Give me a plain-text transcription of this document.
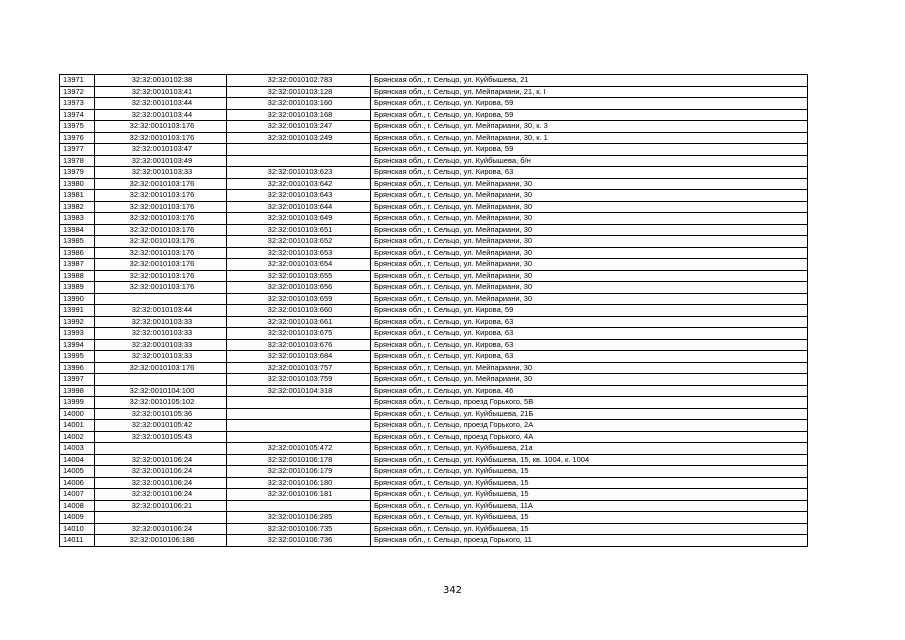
13971	32:32:0010102:38	32:32:0010102:783	Брянская обл., г. Сельцо, ул. Куйбышева, 21
13972	32:32:0010103:41	32:32:0010103:128	Брянская обл., г. Сельцо, ул. Мейпариани, 21, к. I
13973	32:32:0010103:44	32:32:0010103:160	Брянская обл., г. Сельцо, ул. Кирова, 59
13974	32:32:0010103:44	32:32:0010103:168	Брянская обл., г. Сельцо, ул. Кирова, 59
13975	32:32:0010103:176	32:32:0010103:247	Брянская обл., г. Сельцо, ул. Мейпариани, 30, к. 3
13976	32:32:0010103:176	32:32:0010103:249	Брянская обл., г. Сельцо, ул. Мейпариани, 30, к. 1
13977	32:32:0010103:47		Брянская обл., г. Сельцо, ул. Кирова, 59
13978	32:32:0010103:49		Брянская обл., г. Сельцо, ул. Куйбышева, б/н
13979	32:32:0010103:33	32:32:0010103:623	Брянская обл., г. Сельцо, ул. Кирова, 63
13980	32:32:0010103:176	32:32:0010103:642	Брянская обл., г. Сельцо, ул. Мейпариани, 30
13981	32:32:0010103:176	32:32:0010103:643	Брянская обл., г. Сельцо, ул. Мейпариани, 30
13982	32:32:0010103:176	32:32:0010103:644	Брянская обл., г. Сельцо, ул. Мейпариани, 30
13983	32:32:0010103:176	32:32:0010103:649	Брянская обл., г. Сельцо, ул. Мейпариани, 30
13984	32:32:0010103:176	32:32:0010103:651	Брянская обл., г. Сельцо, ул. Мейпариани, 30
13985	32:32:0010103:176	32:32:0010103:652	Брянская обл., г. Сельцо, ул. Мейпариани, 30
13986	32:32:0010103:176	32:32:0010103:653	Брянская обл., г. Сельцо, ул. Мейпариани, 30
13987	32:32:0010103:176	32:32:0010103:654	Брянская обл., г. Сельцо, ул. Мейпариани, 30
13988	32:32:0010103:176	32:32:0010103:655	Брянская обл., г. Сельцо, ул. Мейпариани, 30
13989	32:32:0010103:176	32:32:0010103:656	Брянская обл., г. Сельцо, ул. Мейпариани, 30
13990		32:32:0010103:659	Брянская обл., г. Сельцо, ул. Мейпариани, 30
13991	32:32:0010103:44	32:32:0010103:660	Брянская обл., г. Сельцо, ул. Кирова, 59
13992	32:32:0010103:33	32:32:0010103:661	Брянская обл., г. Сельцо, ул. Кирова, 63
13993	32:32:0010103:33	32:32:0010103:675	Брянская обл., г. Сельцо, ул. Кирова, 63
13994	32:32:0010103:33	32:32:0010103:676	Брянская обл., г. Сельцо, ул. Кирова, 63
13995	32:32:0010103:33	32:32:0010103:684	Брянская обл., г. Сельцо, ул. Кирова, 63
13996	32:32:0010103:176	32:32:0010103:757	Брянская обл., г. Сельцо, ул. Мейпариани, 30
13997		32:32:0010103:759	Брянская обл., г. Сельцо, ул. Мейпариани, 30
13998	32:32:0010104:100	32:32:0010104:318	Брянская обл., г. Сельцо, ул. Кирова, 46
13999	32:32:0010105:102		Брянская обл., г. Сельцо, проезд Горького, 5В
14000	32:32:0010105:36		Брянская обл., г. Сельцо, ул. Куйбышева, 21Б
14001	32:32:0010105:42		Брянская обл., г. Сельцо, проезд Горького, 2А
14002	32:32:0010105:43		Брянская обл., г. Сельцо, проезд Горького, 4А
14003		32:32:0010105:472	Брянская обл., г. Сельцо, ул. Куйбышева, 21а
14004	32:32:0010106:24	32:32:0010106:178	Брянская обл., г. Сельцо, ул. Куйбышева, 15, кв. 1004, к. 1004
14005	32:32:0010106:24	32:32:0010106:179	Брянская обл., г. Сельцо, ул. Куйбышева, 15
14006	32:32:0010106:24	32:32:0010106:180	Брянская обл., г. Сельцо, ул. Куйбышева, 15
14007	32:32:0010106:24	32:32:0010106:181	Брянская обл., г. Сельцо, ул. Куйбышева, 15
14008	32:32:0010106:21		Брянская обл., г. Сельцо, ул. Куйбышева, 11А
14009		32:32:0010106:285	Брянская обл., г. Сельцо, ул. Куйбышева, 15
14010	32:32:0010106:24	32:32:0010106:735	Брянская обл., г. Сельцо, ул. Куйбышева, 15
14011	32:32:0010106:186	32:32:0010106:736	Брянская обл., г. Сельцо, проезд Горького, 11
342
